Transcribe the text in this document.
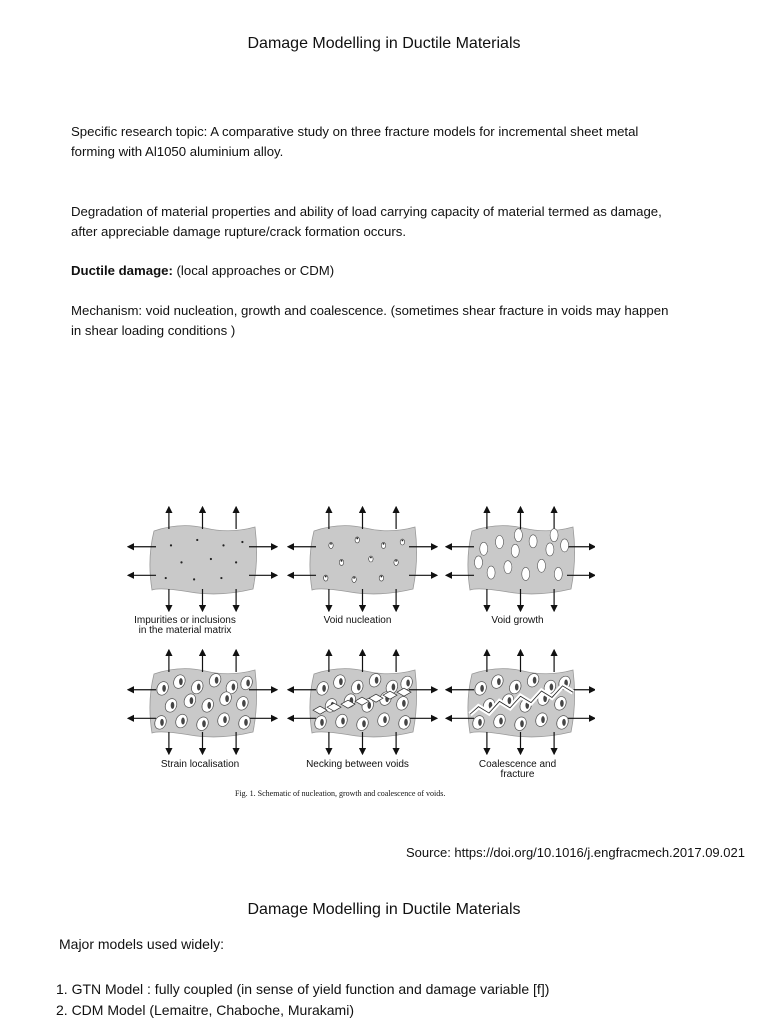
Damage Modelling in Ductile Materials

Specific research topic: A comparative study on three fracture models for incremental sheet metal
forming with Al1050 aluminium alloy.

Degradation of material properties and ability of load carrying capacity of material termed as damage,
after appreciable damage rupture/crack formation occurs.

Ductile damage: (local approaches or CDM)

Mechanism: void nucleation, growth and coalescence. (sometimes shear fracture in voids may happen
in shear loading conditions )

Impurities or inclusions
in the material matrix
Void nucleation	Void growth
Strain localisation	Necking between voids	Coalescence and
fracture
Fig. 1. Schematic of nucleation, growth and coalescence of voids.
Source: https://doi.org/10.1016/j.engfracmech.2017.09.021
Damage Modelling in Ductile Materials
Major models used widely:
1. GTN Model : fully coupled (in sense of yield function and damage variable [f])
2. CDM Model (Lemaitre, Chaboche, Murakami)
